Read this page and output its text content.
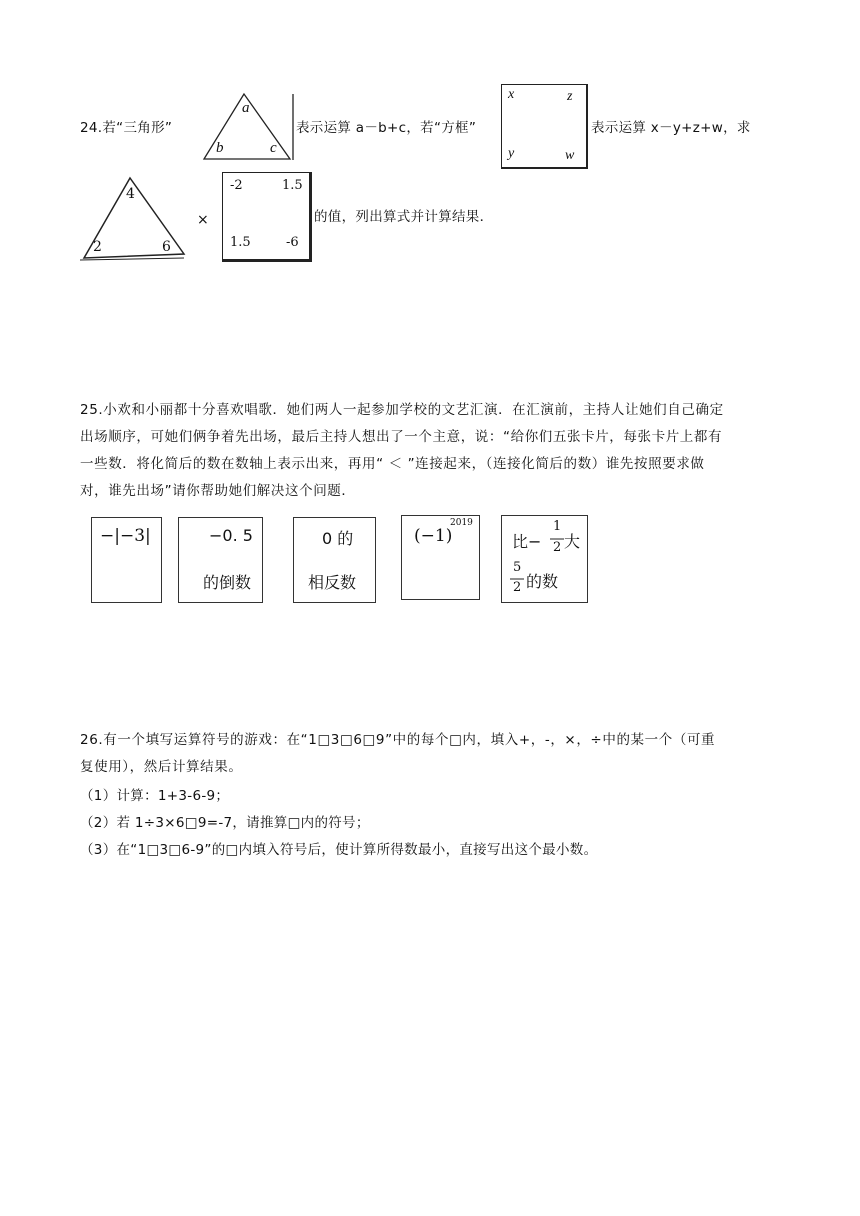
24.若“三角形”
a
b	c
表示运算 a－b+c，若“方框”
x	z
y	w
表示运算 x－y+z+w，求
4
2	6
×
-2	1.5
1.5	-6
的值，列出算式并计算结果．
25.小欢和小丽都十分喜欢唱歌．她们两人一起参加学校的文艺汇演．在汇演前，主持人让她们自己确定
出场顺序，可她们俩争着先出场，最后主持人想出了一个主意，说：“给你们五张卡片，每张卡片上都有
一些数．将化简后的数在数轴上表示出来，再用“ ＜ ”连接起来，（连接化简后的数）谁先按照要求做
对，谁先出场”请你帮助她们解决这个问题．
−|−3|	−0. 5
的倒数
0 的
相反数
(−1)
2019
比−
1
2 大
5
2 的数
26.有一个填写运算符号的游戏：在“1□3□6□9”中的每个□内，填入+，-，×，÷中的某一个（可重
复使用），然后计算结果。
（1）计算：1+3-6-9；
（2）若 1÷3×6□9=-7，请推算□内的符号；
（3）在“1□3□6-9”的□内填入符号后，使计算所得数最小，直接写出这个最小数。
